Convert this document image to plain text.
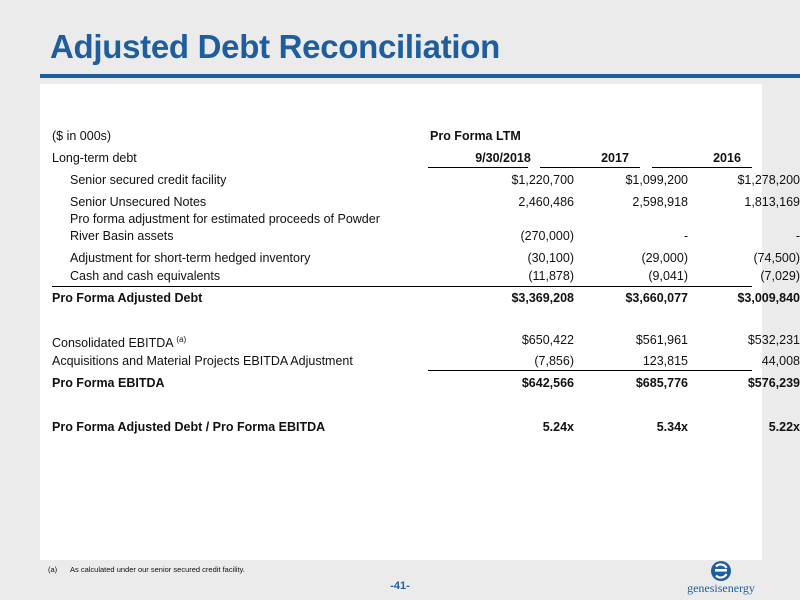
Adjusted Debt Reconciliation
($ in 000s)	Pro Forma LTM
Long-term debt	9/30/2018	2017	2016
Senior secured credit facility	$1,220,700	$1,099,200	$1,278,200
Senior Unsecured Notes	2,460,486	2,598,918	1,813,169
Pro forma adjustment for estimated proceeds of Powder
River Basin assets	(270,000)	-	-
Adjustment for short-term hedged inventory	(30,100)	(29,000)	(74,500)
Cash and cash equivalents	(11,878)	(9,041)	(7,029)
Pro Forma Adjusted Debt	$3,369,208	$3,660,077	$3,009,840
Consolidated EBITDA $^{(a)}$	$650,422	$561,961	$532,231
Acquisitions and Material Projects EBITDA Adjustment	(7,856)	123,815	44,008
Pro Forma EBITDA	$642,566	$685,776	$576,239
Pro Forma Adjusted Debt / Pro Forma EBITDA	5.24x	5.34x	5.22x
(a) As calculated under our senior secured credit facility.
-41-	genesisenergy
